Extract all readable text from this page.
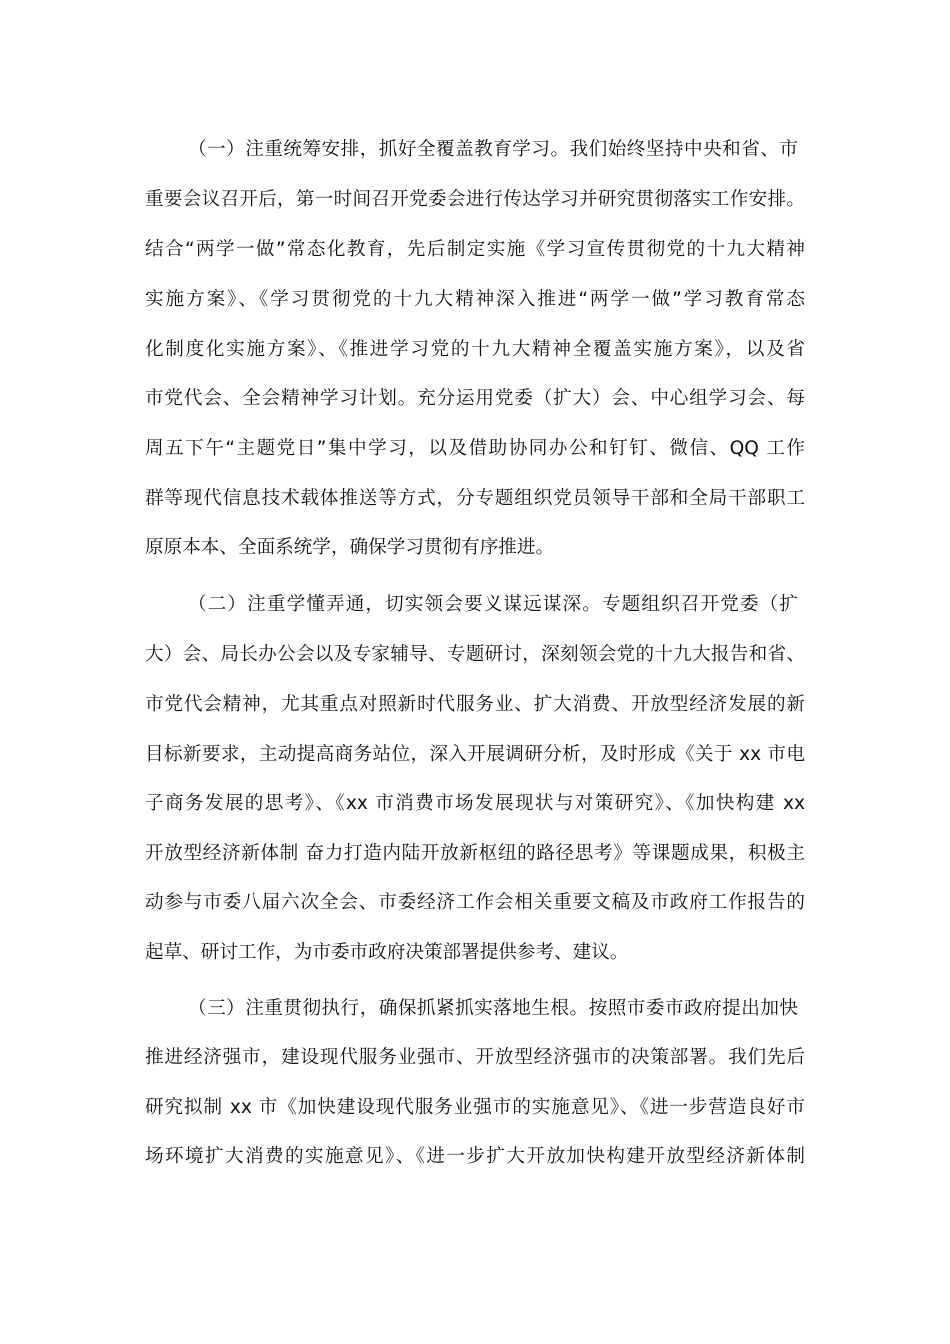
（一）注重统筹安排，抓好全覆盖教育学习。我们始终坚持中央和省、市
重要会议召开后，第一时间召开党委会进行传达学习并研究贯彻落实工作安排。
结合“两学一做”常态化教育，先后制定实施《学习宣传贯彻党的十九大精神
实施方案》、《学习贯彻党的十九大精神深入推进“两学一做”学习教育常态
化制度化实施方案》、《推进学习党的十九大精神全覆盖实施方案》，以及省
市党代会、全会精神学习计划。充分运用党委（扩大）会、中心组学习会、每
周五下午“主题党日”集中学习，以及借助协同办公和钉钉、微信、QQ 工作
群等现代信息技术载体推送等方式，分专题组织党员领导干部和全局干部职工
原原本本、全面系统学，确保学习贯彻有序推进。
（二）注重学懂弄通，切实领会要义谋远谋深。专题组织召开党委（扩
大）会、局长办公会以及专家辅导、专题研讨，深刻领会党的十九大报告和省、
市党代会精神，尤其重点对照新时代服务业、扩大消费、开放型经济发展的新
目标新要求，主动提高商务站位，深入开展调研分析，及时形成《关于 xx 市电
子商务发展的思考》、《xx 市消费市场发展现状与对策研究》、《加快构建 xx
开放型经济新体制 奋力打造内陆开放新枢纽的路径思考》等课题成果，积极主
动参与市委八届六次全会、市委经济工作会相关重要文稿及市政府工作报告的
起草、研讨工作，为市委市政府决策部署提供参考、建议。
（三）注重贯彻执行，确保抓紧抓实落地生根。按照市委市政府提出加快
推进经济强市，建设现代服务业强市、开放型经济强市的决策部署。我们先后
研究拟制 xx 市《加快建设现代服务业强市的实施意见》、《进一步营造良好市
场环境扩大消费的实施意见》、《进一步扩大开放加快构建开放型经济新体制
